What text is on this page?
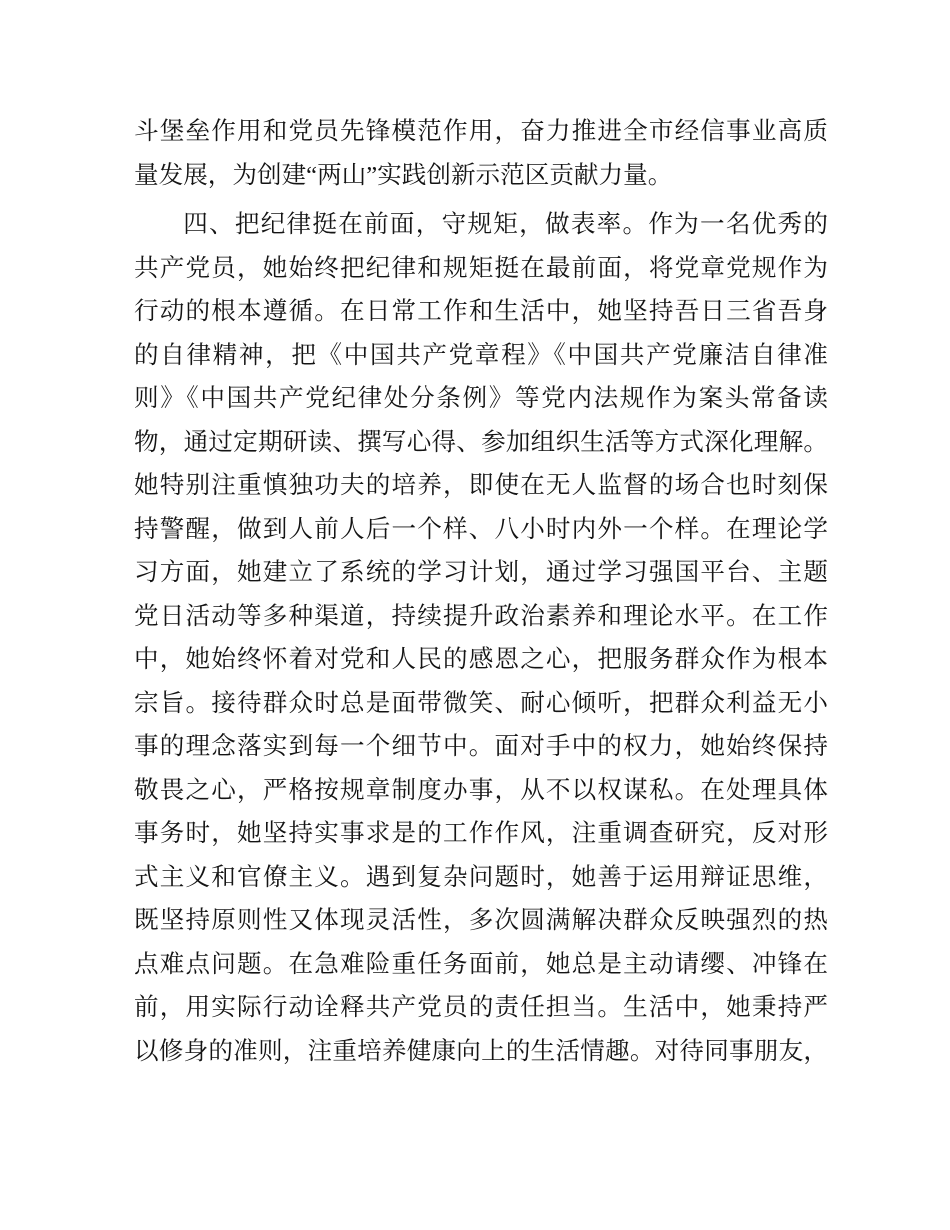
斗堡垒作用和党员先锋模范作用，奋力推进全市经信事业高质
量发展，为创建“两山”实践创新示范区贡献力量。
四、把纪律挺在前面，守规矩，做表率。作为一名优秀的
共产党员，她始终把纪律和规矩挺在最前面，将党章党规作为
行动的根本遵循。在日常工作和生活中，她坚持吾日三省吾身
的自律精神，把《中国共产党章程》《中国共产党廉洁自律准
则》《中国共产党纪律处分条例》等党内法规作为案头常备读
物，通过定期研读、撰写心得、参加组织生活等方式深化理解。
她特别注重慎独功夫的培养，即使在无人监督的场合也时刻保
持警醒，做到人前人后一个样、八小时内外一个样。在理论学
习方面，她建立了系统的学习计划，通过学习强国平台、主题
党日活动等多种渠道，持续提升政治素养和理论水平。在工作
中，她始终怀着对党和人民的感恩之心，把服务群众作为根本
宗旨。接待群众时总是面带微笑、耐心倾听，把群众利益无小
事的理念落实到每一个细节中。面对手中的权力，她始终保持
敬畏之心，严格按规章制度办事，从不以权谋私。在处理具体
事务时，她坚持实事求是的工作作风，注重调查研究，反对形
式主义和官僚主义。遇到复杂问题时，她善于运用辩证思维，
既坚持原则性又体现灵活性，多次圆满解决群众反映强烈的热
点难点问题。在急难险重任务面前，她总是主动请缨、冲锋在
前，用实际行动诠释共产党员的责任担当。生活中，她秉持严
以修身的准则，注重培养健康向上的生活情趣。对待同事朋友，
